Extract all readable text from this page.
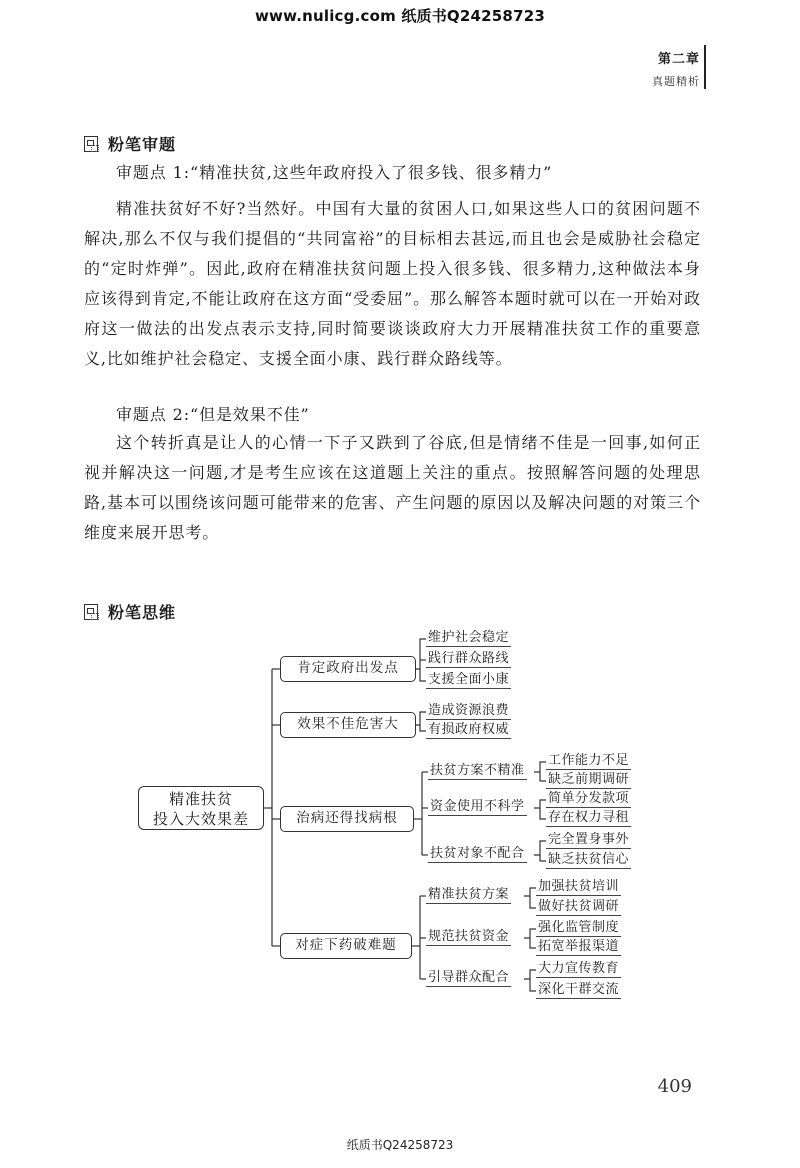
www.nulicg.com 纸质书Q24258723
第二章
真题精析
粉笔审题
审题点 1:“精准扶贫,这些年政府投入了很多钱、很多精力”

精准扶贫好不好?当然好。中国有大量的贫困人口,如果这些人口的贫困问题不解决,那么不仅与我们提倡的“共同富裕”的目标相去甚远,而且也会是威胁社会稳定的“定时炸弹”。因此,政府在精准扶贫问题上投入很多钱、很多精力,这种做法本身应该得到肯定,不能让政府在这方面“受委屈”。那么解答本题时就可以在一开始对政府这一做法的出发点表示支持,同时简要谈谈政府大力开展精准扶贫工作的重要意义,比如维护社会稳定、支援全面小康、践行群众路线等。

审题点 2:“但是效果不佳”

这个转折真是让人的心情一下子又跌到了谷底,但是情绪不佳是一回事,如何正视并解决这一问题,才是考生应该在这道题上关注的重点。按照解答问题的处理思路,基本可以围绕该问题可能带来的危害、产生问题的原因以及解决问题的对策三个维度来展开思考。

粉笔思维
精准扶贫
投入大效果差
肯定政府出发点
效果不佳危害大
治病还得找病根
对症下药破难题
维护社会稳定
践行群众路线
支援全面小康
造成资源浪费
有损政府权威
扶贫方案不精准
资金使用不科学
扶贫对象不配合
工作能力不足
缺乏前期调研
简单分发款项
存在权力寻租
完全置身事外
缺乏扶贫信心
精准扶贫方案
规范扶贫资金
引导群众配合
加强扶贫培训
做好扶贫调研
强化监管制度
拓宽举报渠道
大力宣传教育
深化干群交流
409
纸质书Q24258723
